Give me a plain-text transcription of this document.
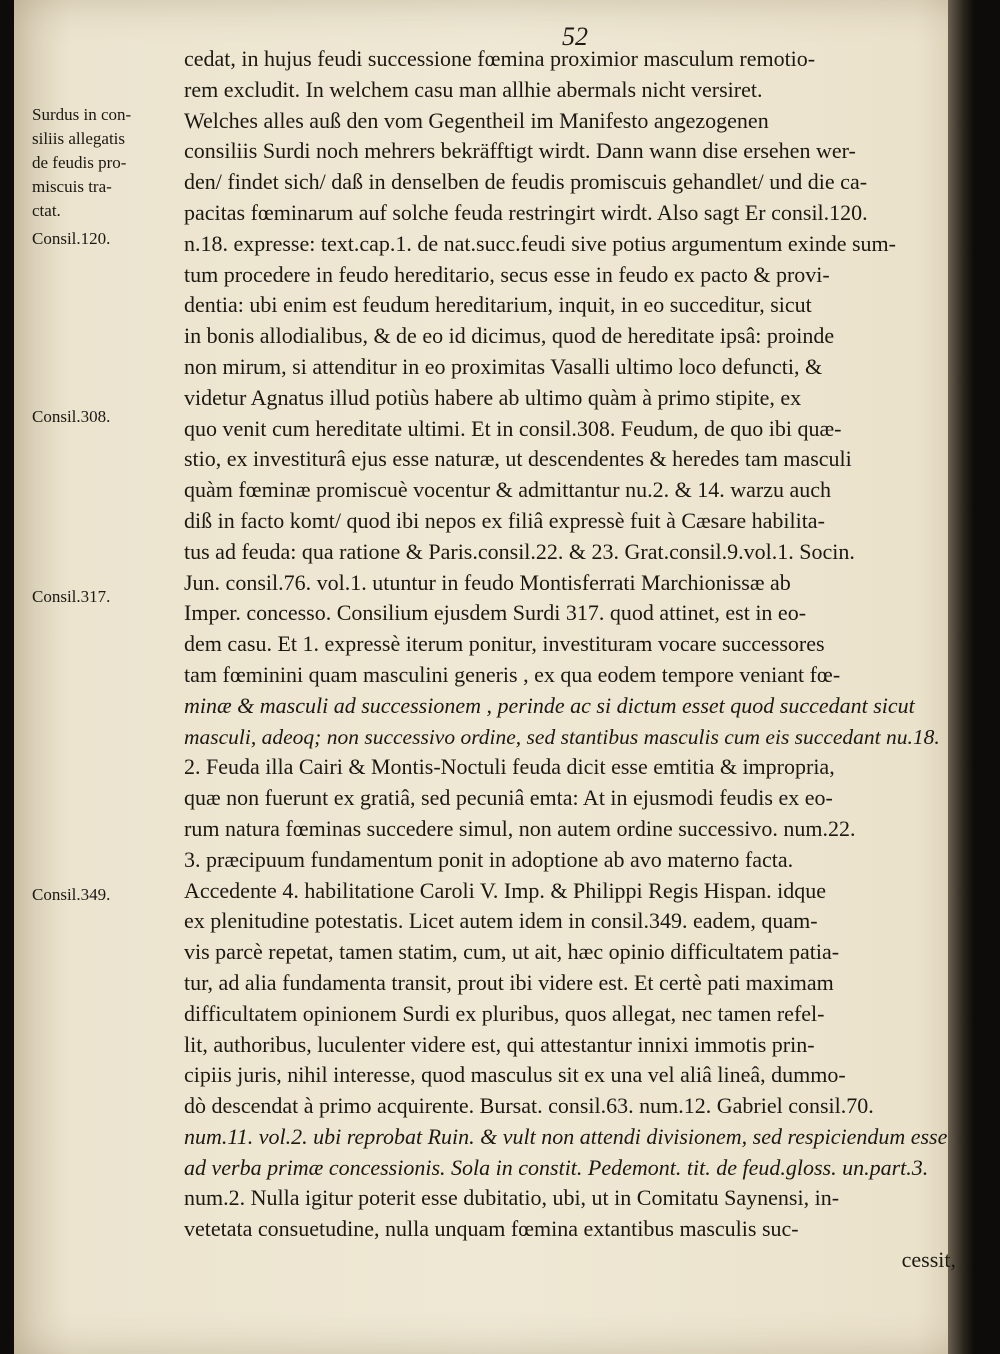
52
Surdus in con-
siliis allegatis
de feudis pro-
miscuis tra-
ctat.
Consil.120.
Consil.308.
Consil.317.
Consil.349.
cedat, in hujus feudi successione fœmina proximior masculum remotio-
rem excludit. In welchem casu man allhie abermals nicht versiret.
Welches alles auß den vom Gegentheil im Manifesto angezogenen
consiliis Surdi noch mehrers bekräfftigt wirdt. Dann wann dise ersehen wer-
den/ findet sich/ daß in denselben de feudis promiscuis gehandlet/ und die ca-
pacitas fœminarum auf solche feuda restringirt wirdt. Also sagt Er consil.120.
n.18. expresse: text.cap.1. de nat.succ.feudi sive potius argumentum exinde sum-
tum procedere in feudo hereditario, secus esse in feudo ex pacto & provi-
dentia: ubi enim est feudum hereditarium, inquit, in eo succeditur, sicut
in bonis allodialibus, & de eo id dicimus, quod de hereditate ipsâ: proinde
non mirum, si attenditur in eo proximitas Vasalli ultimo loco defuncti, &
videtur Agnatus illud potiùs habere ab ultimo quàm à primo stipite, ex
quo venit cum hereditate ultimi. Et in consil.308. Feudum, de quo ibi quæ-
stio, ex investiturâ ejus esse naturæ, ut descendentes & heredes tam masculi
quàm fœminæ promiscuè vocentur & admittantur nu.2. & 14. warzu auch
diß in facto komt/ quod ibi nepos ex filiâ expressè fuit à Cæsare habilita-
tus ad feuda: qua ratione & Paris.consil.22. & 23. Grat.consil.9.vol.1. Socin.
Jun. consil.76. vol.1. utuntur in feudo Montisferrati Marchionissæ ab
Imper. concesso. Consilium ejusdem Surdi 317. quod attinet, est in eo-
dem casu. Et 1. expressè iterum ponitur, investituram vocare successores
tam fœminini quam masculini generis , ex qua eodem tempore veniant fœ-
minæ & masculi ad successionem , perinde ac si dictum esset quod succedant sicut
masculi, adeoq; non successivo ordine, sed stantibus masculis cum eis succedant nu.18.
2. Feuda illa Cairi & Montis-Noctuli feuda dicit esse emtitia & impropria,
quæ non fuerunt ex gratiâ, sed pecuniâ emta: At in ejusmodi feudis ex eo-
rum natura fœminas succedere simul, non autem ordine successivo. num.22.
3. præcipuum fundamentum ponit in adoptione ab avo materno facta.
Accedente 4. habilitatione Caroli V. Imp. & Philippi Regis Hispan. idque
ex plenitudine potestatis. Licet autem idem in consil.349. eadem, quam-
vis parcè repetat, tamen statim, cum, ut ait, hæc opinio difficultatem patia-
tur, ad alia fundamenta transit, prout ibi videre est. Et certè pati maximam
difficultatem opinionem Surdi ex pluribus, quos allegat, nec tamen refel-
lit, authoribus, luculenter videre est, qui attestantur innixi immotis prin-
cipiis juris, nihil interesse, quod masculus sit ex una vel aliâ lineâ, dummo-
dò descendat à primo acquirente. Bursat. consil.63. num.12. Gabriel consil.70.
num.11. vol.2. ubi reprobat Ruin. & vult non attendi divisionem, sed respiciendum esse
ad verba primæ concessionis. Sola in constit. Pedemont. tit. de feud.gloss. un.part.3.
num.2. Nulla igitur poterit esse dubitatio, ubi, ut in Comitatu Saynensi, in-
vetetata consuetudine, nulla unquam fœmina extantibus masculis suc-
cessit,
